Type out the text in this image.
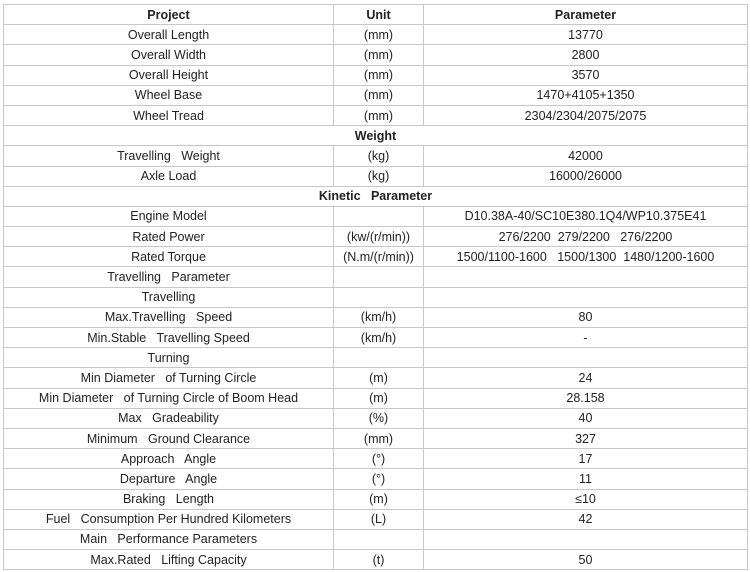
Project	Unit	Parameter
Overall Length	(mm)	13770
Overall Width	(mm)	2800
Overall Height	(mm)	3570
Wheel Base	(mm)	1470+4105+1350
Wheel Tread	(mm)	2304/2304/2075/2075
Weight		
Travelling   Weight	(kg)	42000
Axle Load	(kg)	16000/26000
Kinetic   Parameter		
Engine Model		D10.38A-40/SC10E380.1Q4/WP10.375E41
Rated Power	(kw/(r/min))	276/2200  279/2200   276/2200
Rated Torque	(N.m/(r/min))	1500/1100-1600   1500/1300  1480/1200-1600
Travelling   Parameter		
Travelling		
Max.Travelling   Speed	(km/h)	80
Min.Stable   Travelling Speed	(km/h)	-
Turning		
Min Diameter   of Turning Circle	(m)	24
Min Diameter   of Turning Circle of Boom Head	(m)	28.158
Max   Gradeability	(%)	40
Minimum   Ground Clearance	(mm)	327
Approach   Angle	(°)	17
Departure   Angle	(°)	11
Braking   Length	(m)	≤10
Fuel   Consumption Per Hundred Kilometers	(L)	42
Main   Performance Parameters		
Max.Rated   Lifting Capacity	(t)	50
